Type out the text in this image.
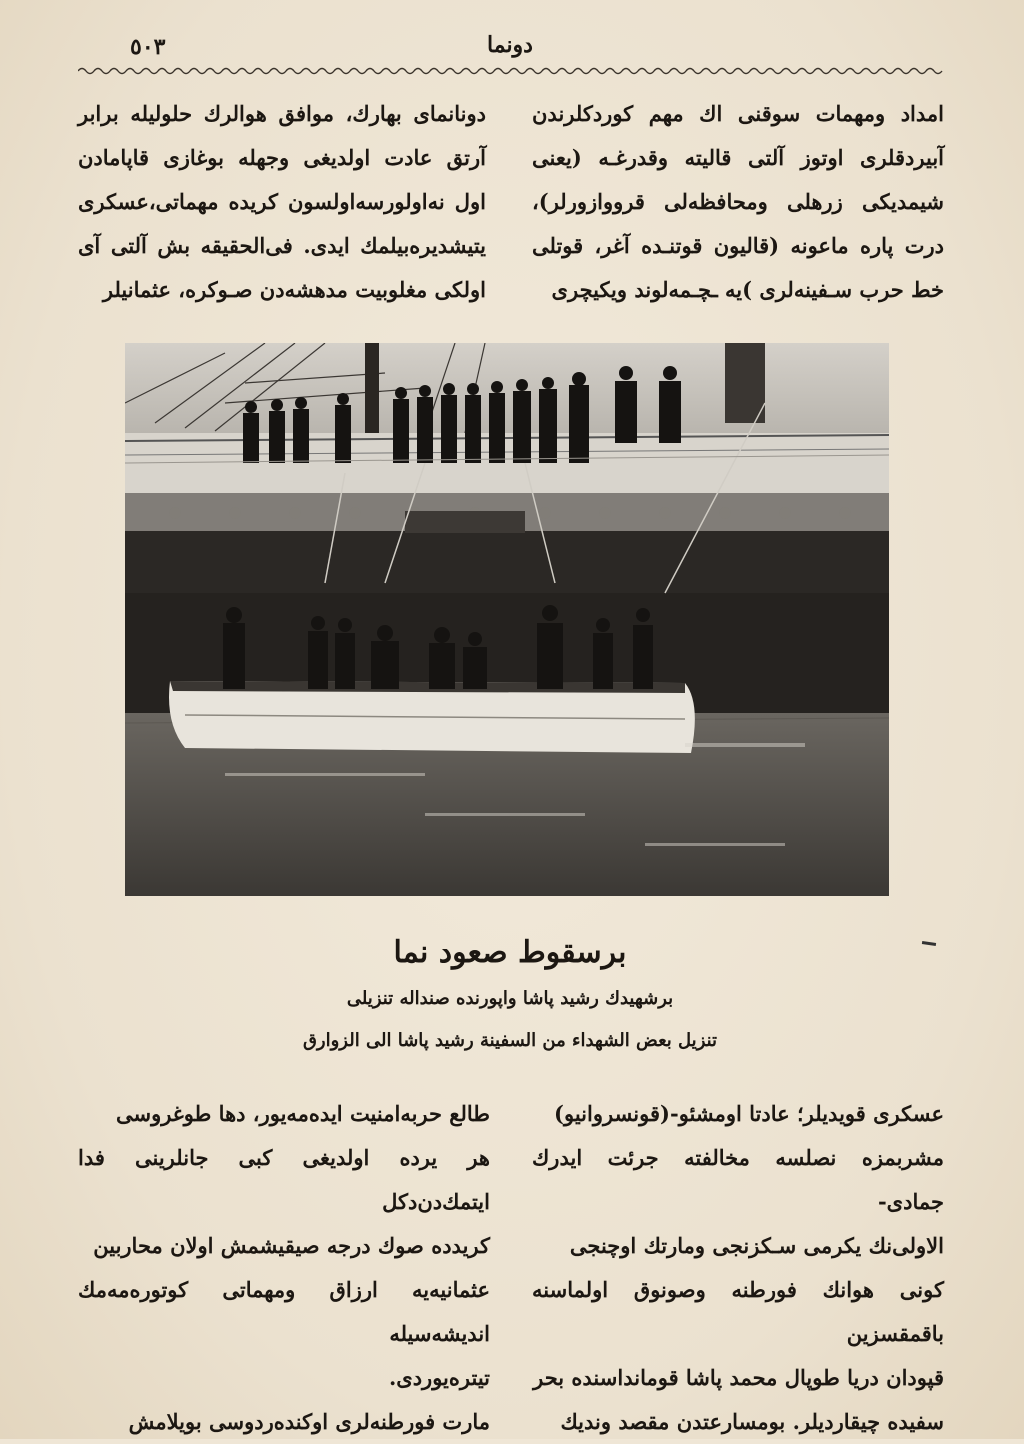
٥٠٣	دونما

امداد ومهمات سوقنی اك مهم كوردكلرندن آبيردقلری اوتوز آلتی قاليته وقدرغـه (يعنی شيمديكی زرهلی ومحافظه‌لی قروواز‌ورلر)، درت پاره ماعونه (قاليون قوتنـده آغر، قوتلی خط حرب سـفينه‌لری )يه ـچـمه‌لوند ويكيچری

دونانمای بهارك، موافق هوالرك حلوليله برابر آرتق عادت اولديغی وجهله بوغازی قاپامادن اول نه‌اولورسه‌اولسون كريده مهماتی،عسكری يتيشديره‌بيلمك ايدی. فی‌الحقيقه بش آلتی آی اولكی مغلوبيت مدهشه‌دن صـوكره، عثمانيلر

برسقوط صعود نما
برشهيدك رشيد پاشا واپورنده صنداله تنزيلی
تنزيل بعض الشهداء من السفينة رشيد پاشا الی الزوارق

عسكری قويديلر؛ عادتا اومشئو-(قونسروانيو)

مشربمزه نصلسه مخالفته جرئت ايدرك جمادی-

الاولی‌نك يكرمی سـكزنجی ومارتك اوچنجی

كونی هوانك فورطنه وصو‌نوق اولماسنه باقمقسزين

قپودان دريا طوپال محمد پاشا قوماندا‌سنده بحر

سفيده چيقارديلر. بومسارعتدن مقصد ونديك

طالع حربه‌امنيت ايده‌مه‌يور، دها طوغروسی

هر يرده اولديغی كبی جانلرينی فدا ايتمك‌دن‌دكل

كريدده صوك درجه صيقيشمش اولان محاربين

عثمانيه‌يه ارزاق ومهماتی كوتوره‌مه‌مك انديشه‌سيله

تيتره‌يوردی.

مارت فورطنه‌لری اوكنده‌ردوسی بويلامش
